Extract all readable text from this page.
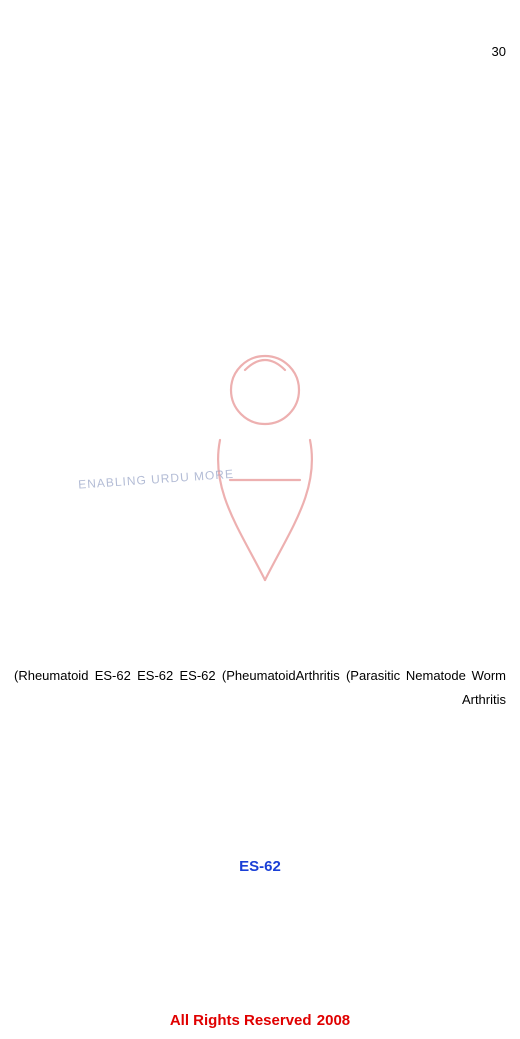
30

(Parasitic Nematode Worm (PheumatoidArthritis ES-62 ES-62 ES-62 (Rheumatoid Arthritis

ES-62

ENABLING URDU MORE
2008 All Rights Reserved
